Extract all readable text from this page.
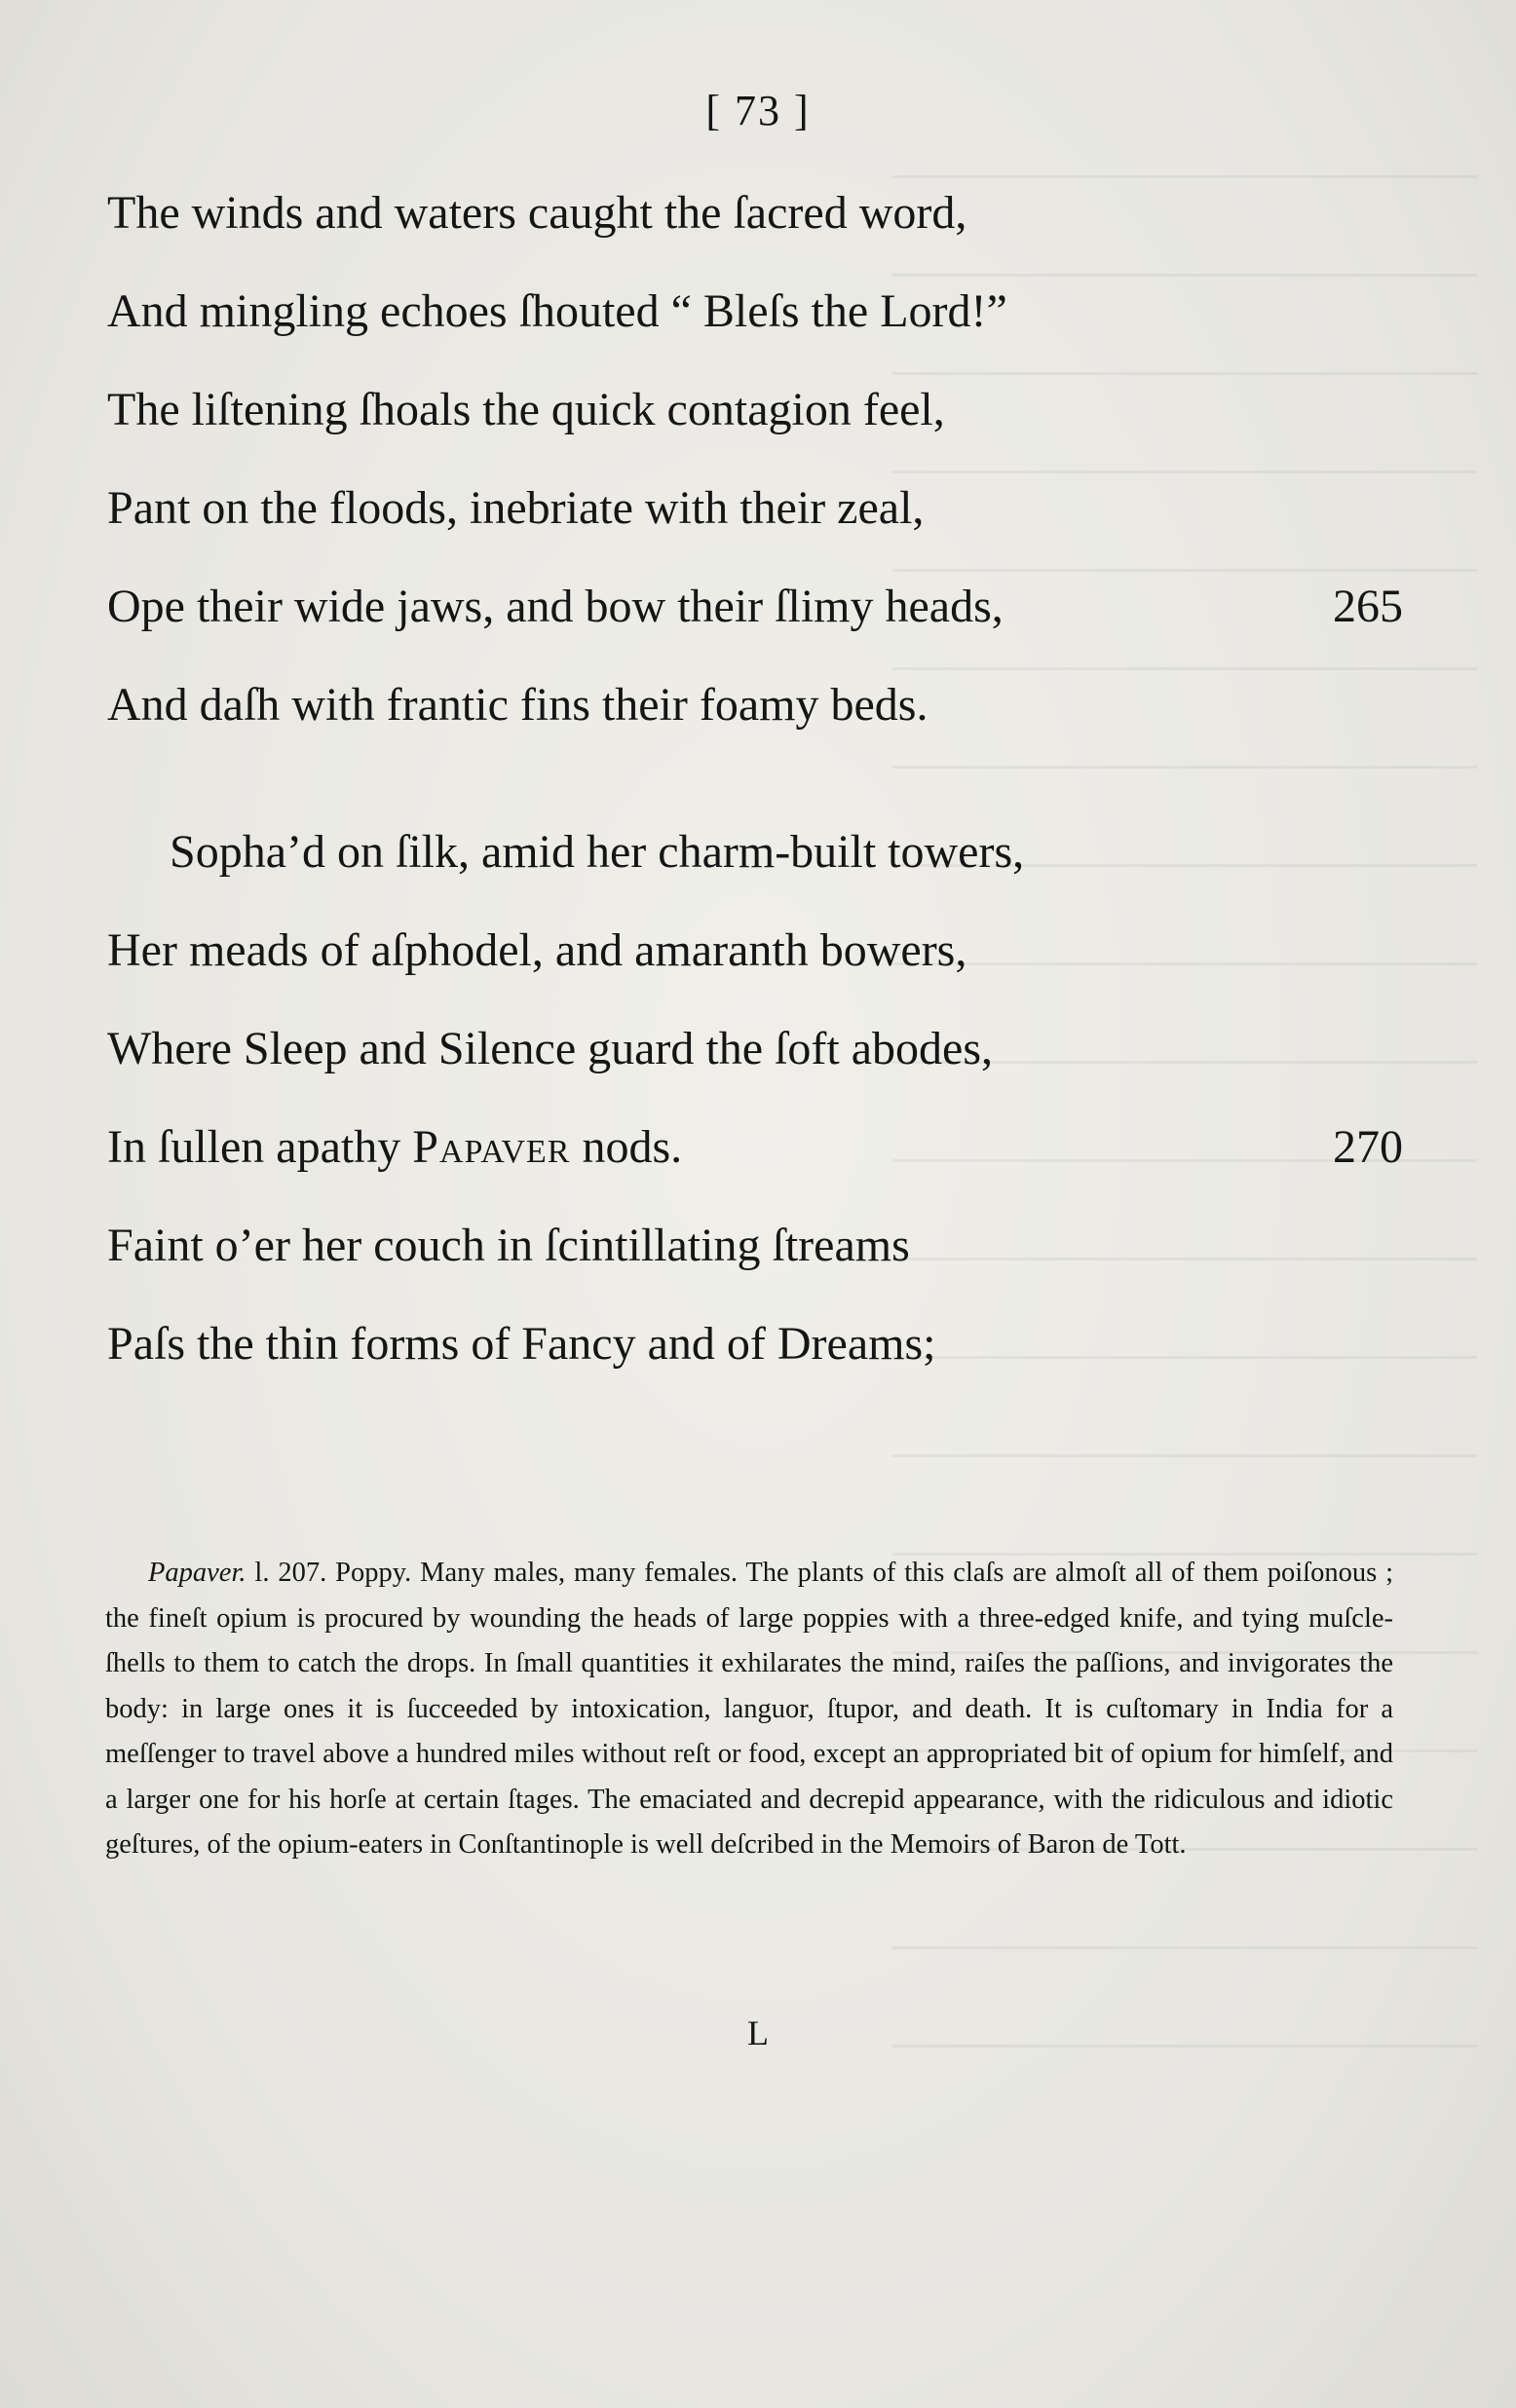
[ 73 ]
The winds and waters caught the ſacred word,
And mingling echoes ſhouted “ Bleſs the Lord!”
The liſtening ſhoals the quick contagion feel,
Pant on the floods, inebriate with their zeal,
Ope their wide jaws, and bow their ſlimy heads,	265
And daſh with frantic fins their foamy beds.
Sopha’d on ſilk, amid her charm-built towers,
Her meads of aſphodel, and amaranth bowers,
Where Sleep and Silence guard the ſoft abodes,
In ſullen apathy Papaver nods.	270
Faint o’er her couch in ſcintillating ſtreams
Paſs the thin forms of Fancy and of Dreams;
Papaver. l. 207. Poppy. Many males, many females. The plants of this claſs are almoſt all of them poiſonous ; the fineſt opium is procured by wounding the heads of large poppies with a three-edged knife, and tying muſcle-ſhells to them to catch the drops. In ſmall quantities it exhilarates the mind, raiſes the paſſions, and invigorates the body: in large ones it is ſucceeded by intoxication, languor, ſtupor, and death. It is cuſtomary in India for a meſſenger to travel above a hundred miles without reſt or food, except an appropriated bit of opium for himſelf, and a larger one for his horſe at certain ſtages. The emaciated and decrepid appearance, with the ridiculous and idiotic geſtures, of the opium-eaters in Conſtantinople is well deſcribed in the Memoirs of Baron de Tott.
L
